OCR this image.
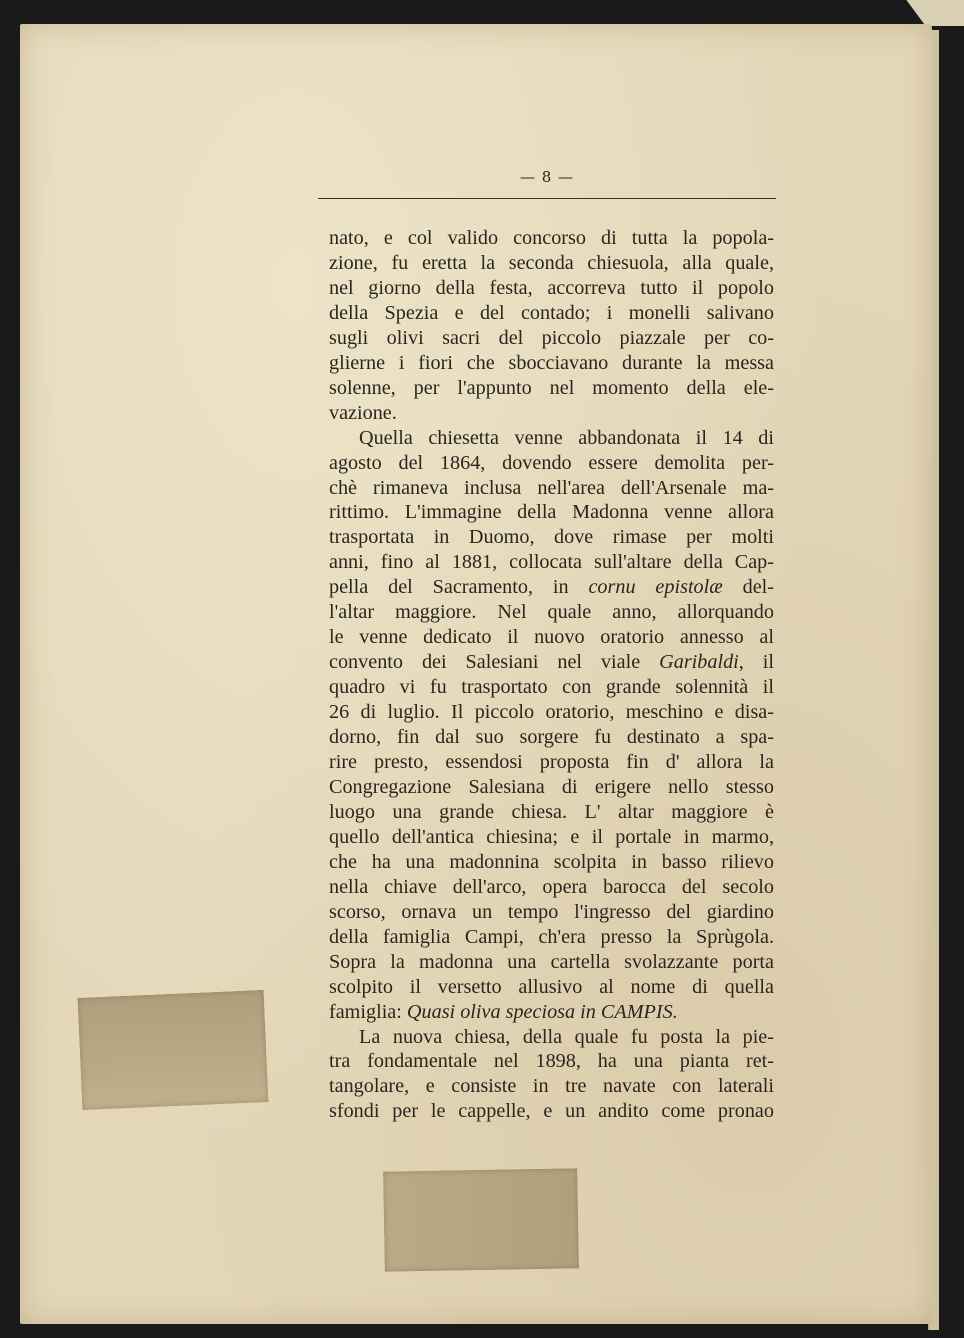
— 8 —

nato, e col valido concorso di tutta la popola-

zione, fu eretta la seconda chiesuola, alla quale,

nel giorno della festa, accorreva tutto il popolo

della Spezia e del contado; i monelli salivano

sugli olivi sacri del piccolo piazzale per co-

glierne i fiori che sbocciavano durante la messa

solenne, per l'appunto nel momento della ele-

vazione.

Quella chiesetta venne abbandonata il 14 di

agosto del 1864, dovendo essere demolita per-

chè rimaneva inclusa nell'area dell'Arsenale ma-

rittimo. L'immagine della Madonna venne allora

trasportata in Duomo, dove rimase per molti

anni, fino al 1881, collocata sull'altare della Cap-

pella del Sacramento, in cornu epistolæ del-

l'altar maggiore. Nel quale anno, allorquando

le venne dedicato il nuovo oratorio annesso al

convento dei Salesiani nel viale Garibaldi, il

quadro vi fu trasportato con grande solennità il

26 di luglio. Il piccolo oratorio, meschino e disa-

dorno, fin dal suo sorgere fu destinato a spa-

rire presto, essendosi proposta fin d' allora la

Congregazione Salesiana di erigere nello stesso

luogo una grande chiesa. L' altar maggiore è

quello dell'antica chiesina; e il portale in marmo,

che ha una madonnina scolpita in basso rilievo

nella chiave dell'arco, opera barocca del secolo

scorso, ornava un tempo l'ingresso del giardino

della famiglia Campi, ch'era presso la Sprùgola.

Sopra la madonna una cartella svolazzante porta

scolpito il versetto allusivo al nome di quella

famiglia: Quasi oliva speciosa in CAMPIS.

La nuova chiesa, della quale fu posta la pie-

tra fondamentale nel 1898, ha una pianta ret-

tangolare, e consiste in tre navate con laterali

sfondi per le cappelle, e un andito come pronao
